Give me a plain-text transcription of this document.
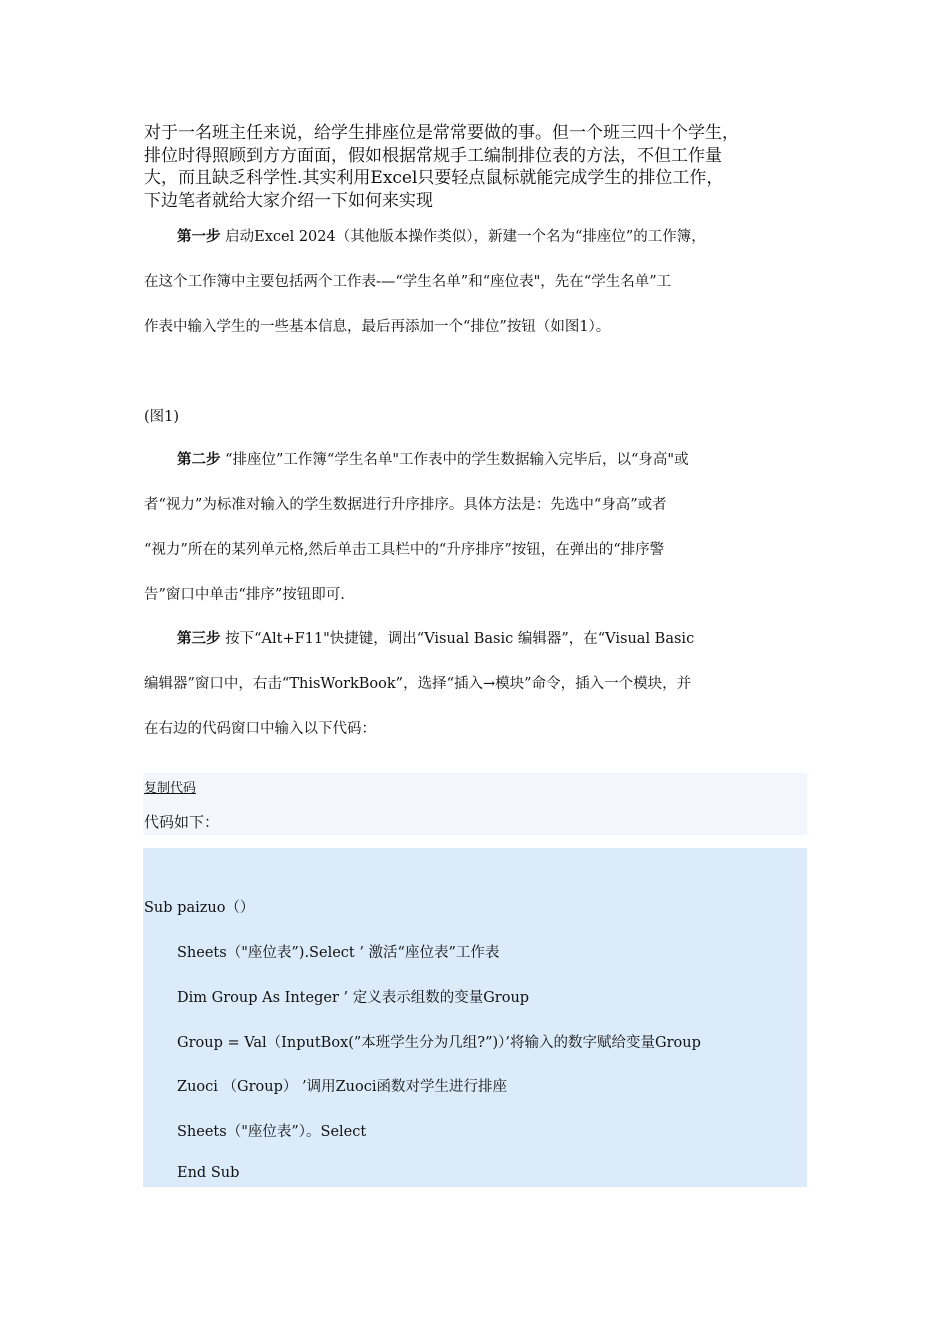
对于一名班主任来说，给学生排座位是常常要做的事。但一个班三四十个学生，
排位时得照顾到方方面面，假如根据常规手工编制排位表的方法，不但工作量
大，而且缺乏科学性.其实利用Excel只要轻点鼠标就能完成学生的排位工作，
下边笔者就给大家介绍一下如何来实现
第一步 启动Excel 2024（其他版本操作类似），新建一个名为“排座位”的工作簿，
在这个工作簿中主要包括两个工作表-—“学生名单”和“座位表"，先在“学生名单”工
作表中输入学生的一些基本信息，最后再添加一个“排位”按钮（如图1）。
(图1)
第二步 “排座位”工作簿“学生名单"工作表中的学生数据输入完毕后，以“身高"或
者“视力”为标准对输入的学生数据进行升序排序。具体方法是：先选中“身高”或者
“视力”所在的某列单元格,然后单击工具栏中的“升序排序”按钮，在弹出的“排序警
告”窗口中单击“排序”按钮即可.
第三步 按下“Alt+F11"快捷键，调出“Visual Basic 编辑器”，在“Visual Basic
编辑器”窗口中，右击“ThisWorkBook”，选择“插入→模块”命令，插入一个模块，并
在右边的代码窗口中输入以下代码：
复制代码
代码如下：
Sub paizuo（）
Sheets（"座位表”).Select ’ 激活“座位表”工作表
Dim Group As Integer ’ 定义表示组数的变量Group
Group = Val（InputBox(”本班学生分为几组?”)）’将输入的数字赋给变量Group
Zuoci （Group） ’调用Zuoci函数对学生进行排座
Sheets（"座位表”）。Select
End Sub
